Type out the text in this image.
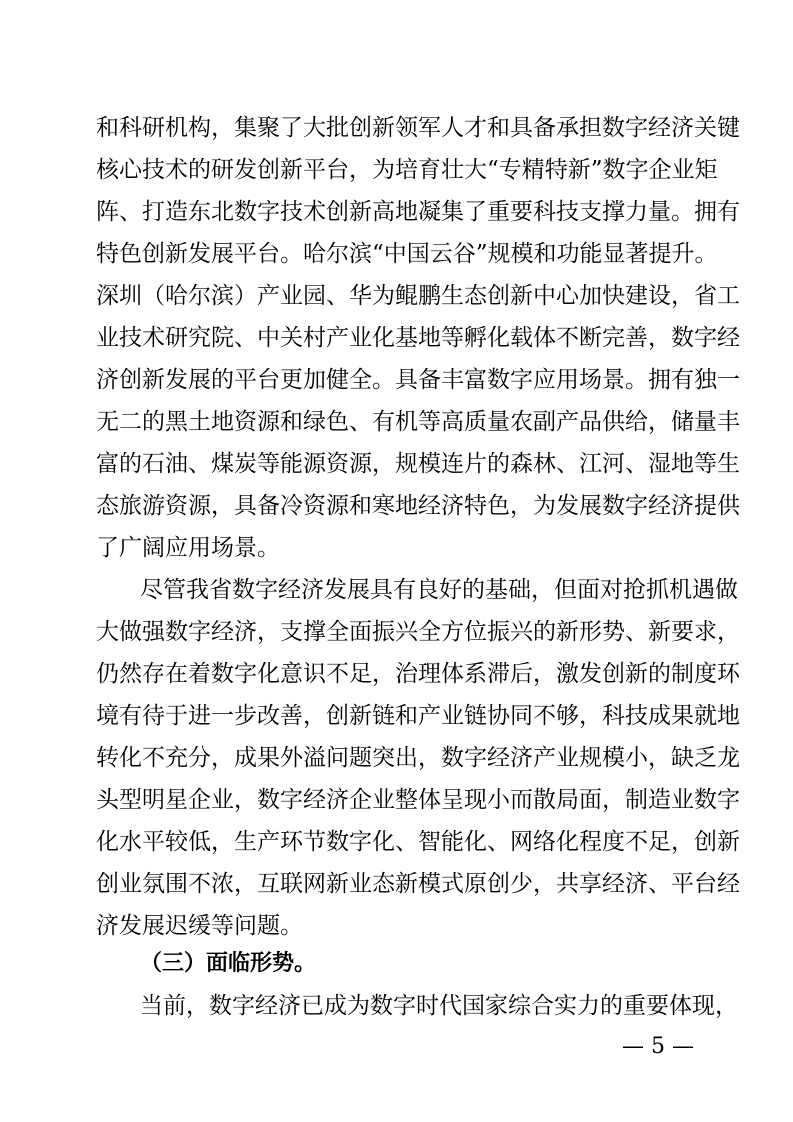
和科研机构，集聚了大批创新领军人才和具备承担数字经济关键
核心技术的研发创新平台，为培育壮大“专精特新”数字企业矩
阵、打造东北数字技术创新高地凝集了重要科技支撑力量。拥有
特色创新发展平台。哈尔滨“中国云谷”规模和功能显著提升。
深圳（哈尔滨）产业园、华为鲲鹏生态创新中心加快建设，省工
业技术研究院、中关村产业化基地等孵化载体不断完善，数字经
济创新发展的平台更加健全。具备丰富数字应用场景。拥有独一
无二的黑土地资源和绿色、有机等高质量农副产品供给，储量丰
富的石油、煤炭等能源资源，规模连片的森林、江河、湿地等生
态旅游资源，具备冷资源和寒地经济特色，为发展数字经济提供
了广阔应用场景。
尽管我省数字经济发展具有良好的基础，但面对抢抓机遇做
大做强数字经济，支撑全面振兴全方位振兴的新形势、新要求，
仍然存在着数字化意识不足，治理体系滞后，激发创新的制度环
境有待于进一步改善，创新链和产业链协同不够，科技成果就地
转化不充分，成果外溢问题突出，数字经济产业规模小，缺乏龙
头型明星企业，数字经济企业整体呈现小而散局面，制造业数字
化水平较低，生产环节数字化、智能化、网络化程度不足，创新
创业氛围不浓，互联网新业态新模式原创少，共享经济、平台经
济发展迟缓等问题。
（三）面临形势。
当前，数字经济已成为数字时代国家综合实力的重要体现，
— 5 —
